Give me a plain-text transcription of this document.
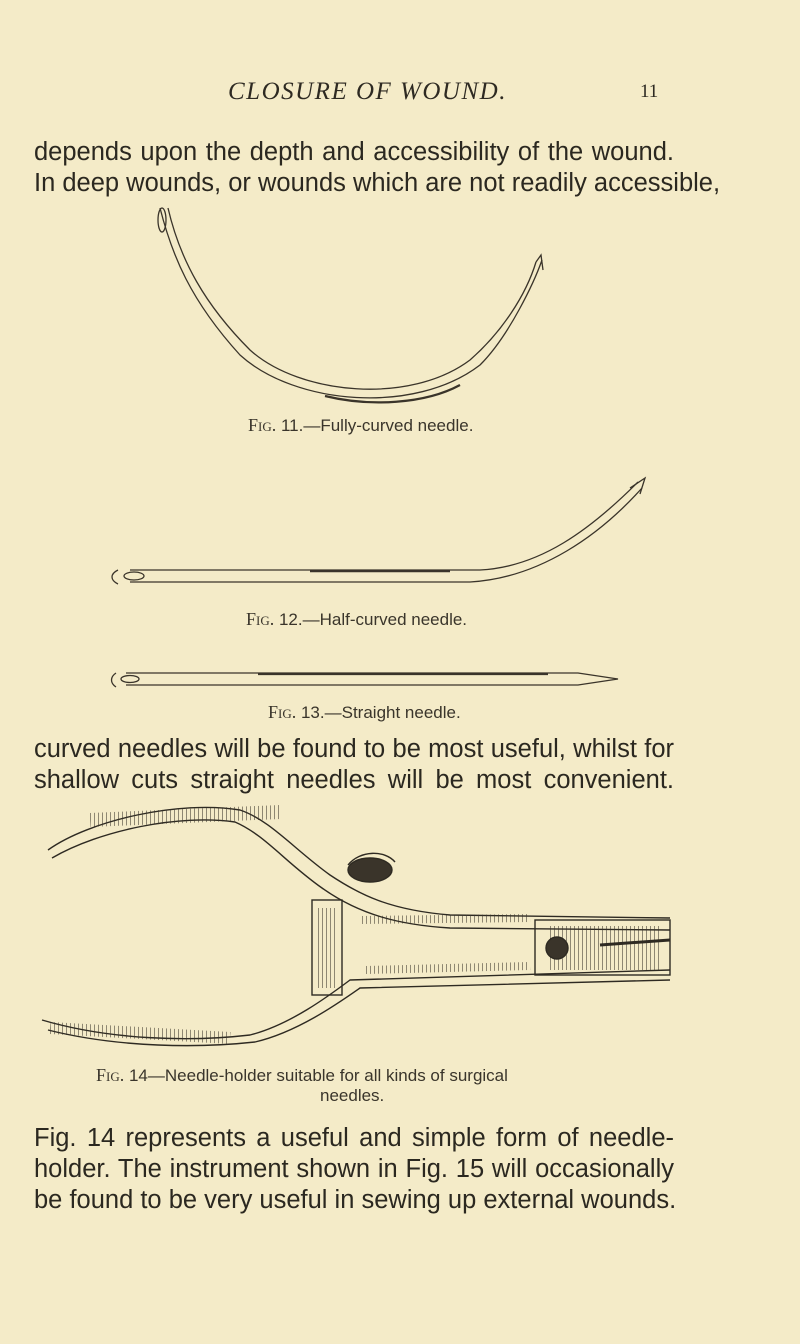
CLOSURE OF WOUND.	11
depends upon the depth and accessibility of the wound.
In deep wounds, or wounds which are not readily accessible,
Fig. 11.—Fully-curved needle.
Fig. 12.—Half-curved needle.
Fig. 13.—Straight needle.
curved needles will be found to be most useful, whilst for
shallow cuts straight needles will be most convenient.
Fig. 14—Needle-holder suitable for all kinds of surgical
needles.
Fig. 14 represents a useful and simple form of needle-
holder. The instrument shown in Fig. 15 will occasionally
be found to be very useful in sewing up external wounds.
